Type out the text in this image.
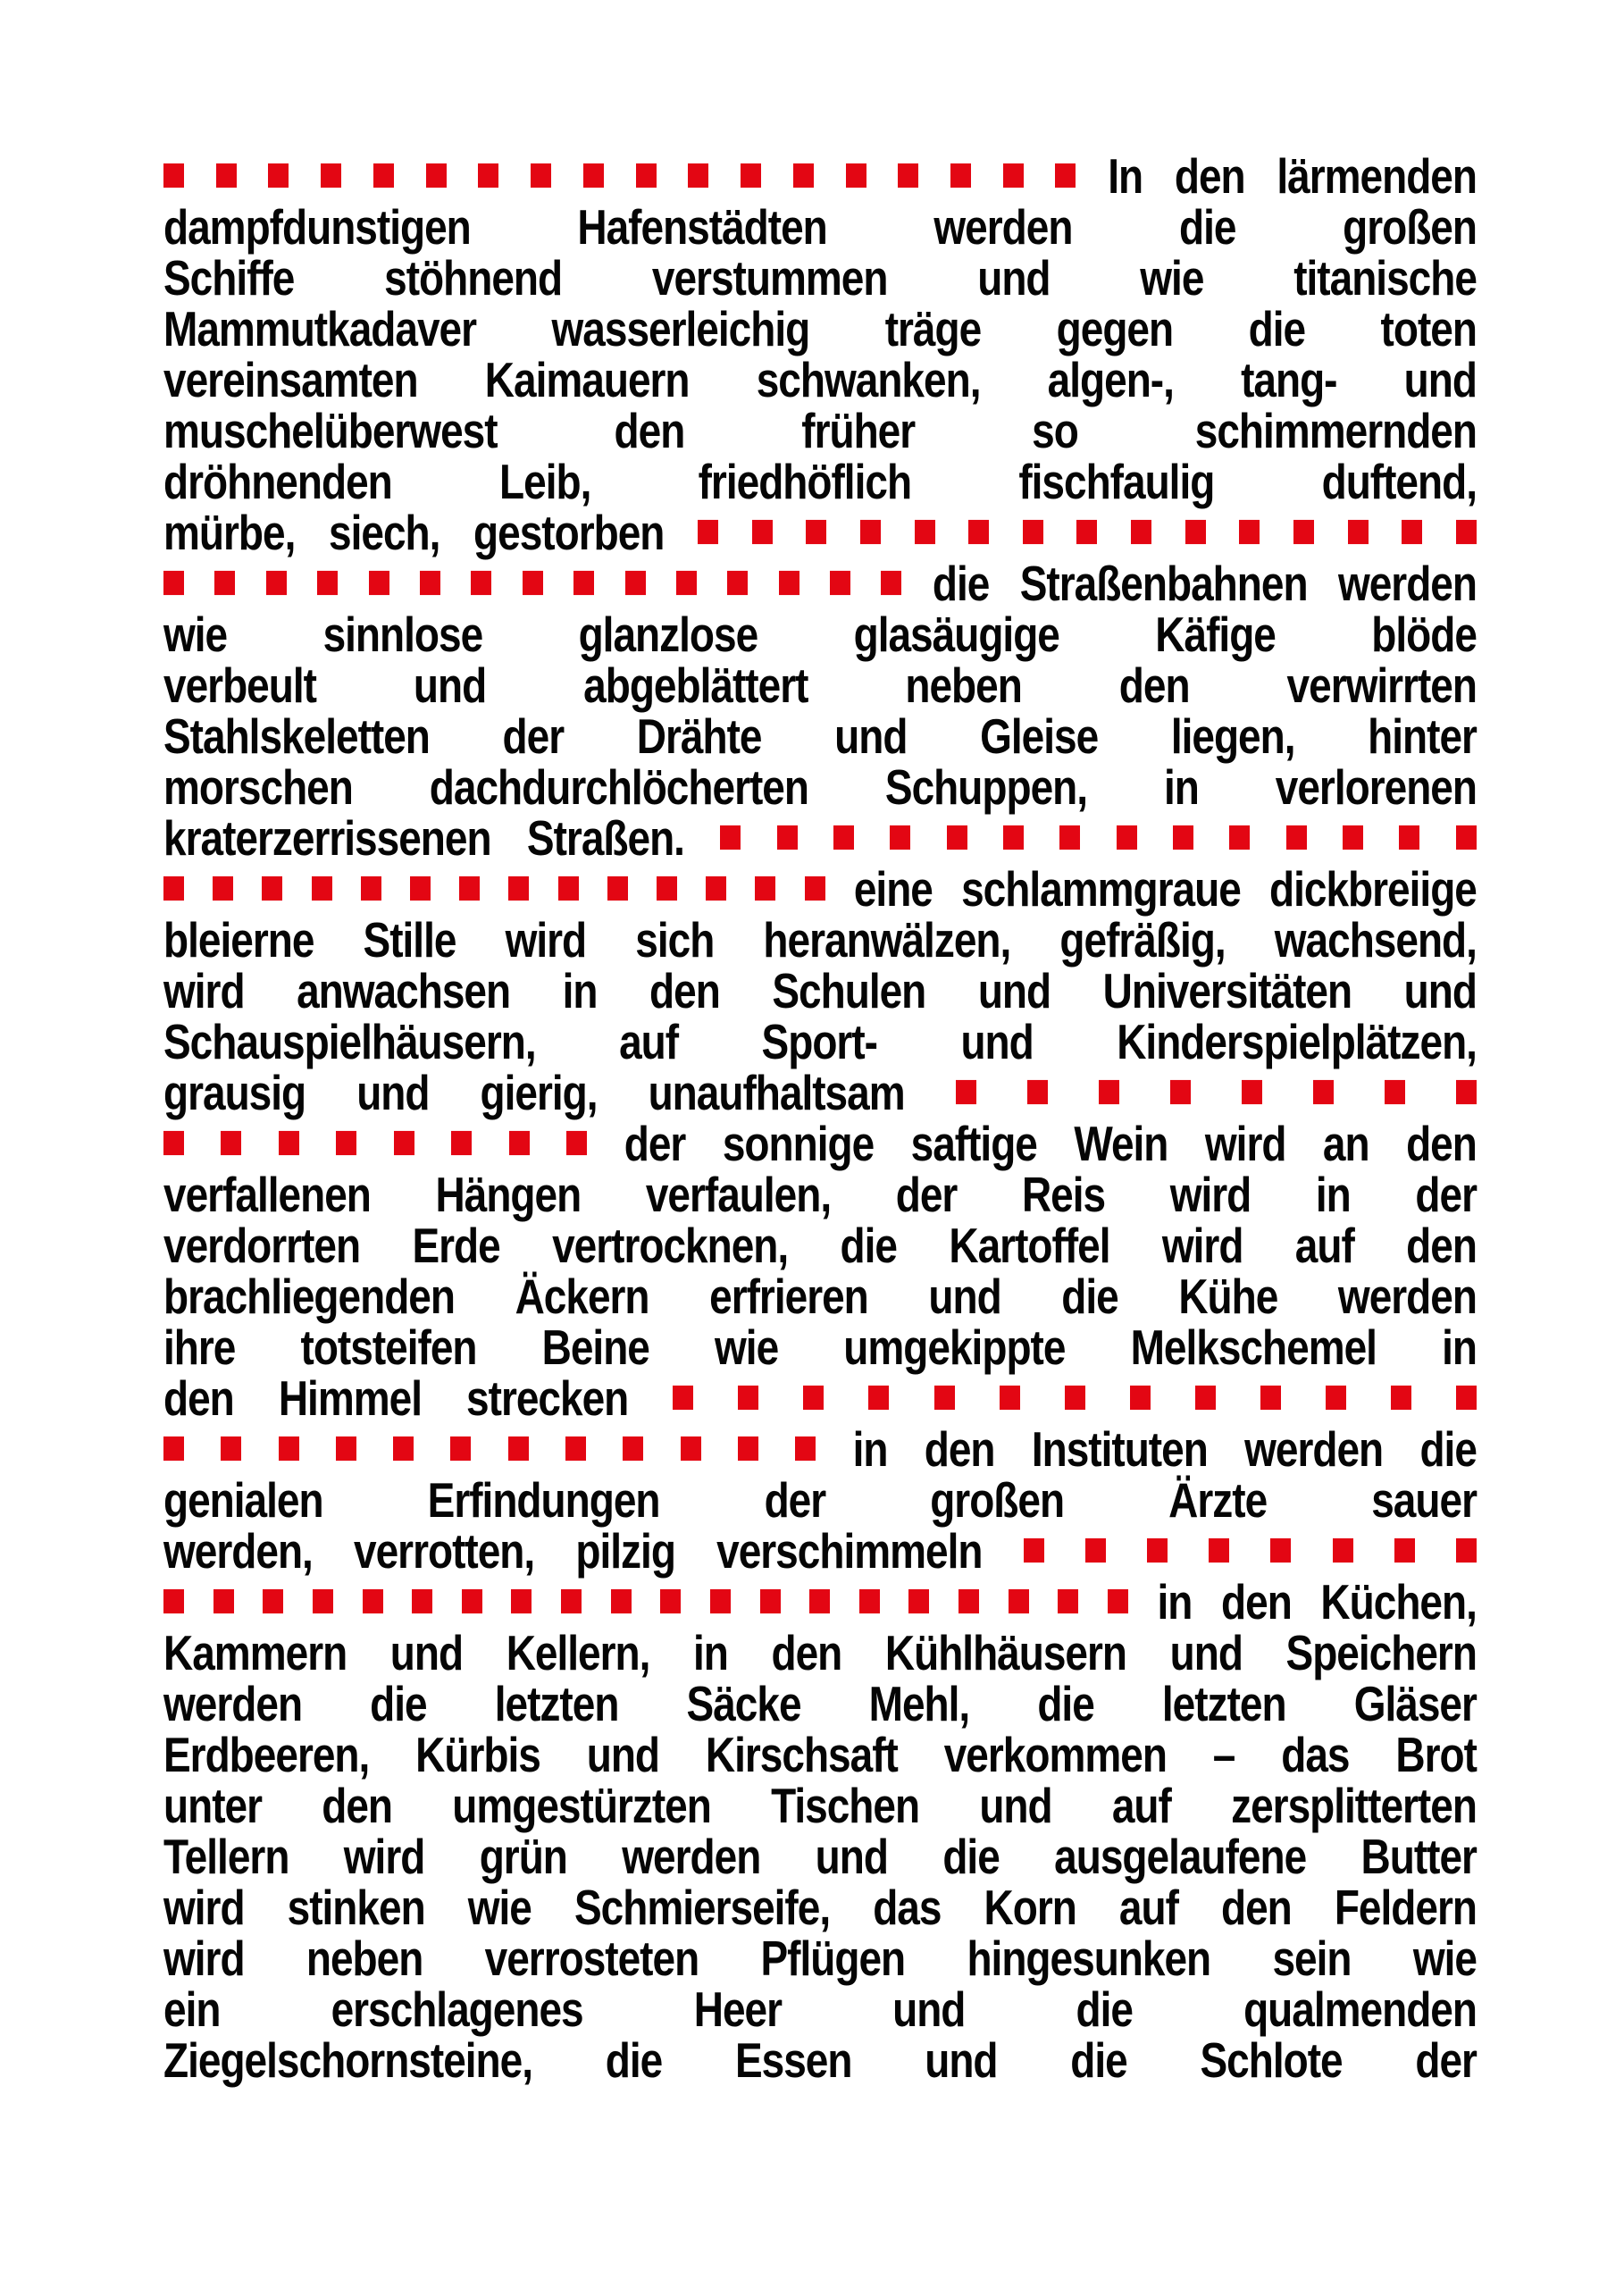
In den lärmenden
dampfdunstigen	Hafenstädten	werden	die	großen
Schiffe stöhnend verstummen und wie titanische
Mammutkadaver wasserleichig träge gegen die toten
vereinsamten Kaimauern schwanken, algen-, tang- und
muschelüberwest	den	früher	so	schimmernden
dröhnenden	Leib,	friedhöflich	fischfaulig	duftend,
mürbe, siech, gestorben
die Straßenbahnen werden
wie sinnlose glanzlose glasäugige Käfige blöde
verbeult und abgeblättert neben den verwirrten
Stahlskeletten der Drähte und Gleise liegen, hinter
morschen dachdurchlöcherten Schuppen, in verlorenen
kraterzerrissenen Straßen.
eine schlammgraue dickbreiige
bleierne Stille wird sich heranwälzen, gefräßig, wachsend,
wird anwachsen in den Schulen und Universitäten und
Schauspielhäusern, auf Sport- und Kinderspielplätzen,
grausig und gierig, unaufhaltsam
der sonnige saftige Wein wird an den
verfallenen Hängen verfaulen, der Reis wird in der
verdorrten Erde vertrocknen, die Kartoffel wird auf den
brachliegenden Äckern erfrieren und die Kühe werden
ihre totsteifen Beine wie umgekippte Melkschemel in
den Himmel strecken
in den Instituten werden die
genialen	Erfindungen	der	großen	Ärzte	sauer
werden, verrotten, pilzig verschimmeln
in den Küchen,
Kammern und Kellern, in den Kühlhäusern und Speichern
werden die letzten Säcke Mehl, die letzten Gläser
Erdbeeren, Kürbis und Kirschsaft verkommen – das Brot
unter den umgestürzten Tischen und auf zersplitterten
Tellern wird grün werden und die ausgelaufene Butter
wird stinken wie Schmierseife, das Korn auf den Feldern
wird neben verrosteten Pflügen hingesunken sein wie
ein	erschlagenes	Heer	und	die	qualmenden
Ziegelschornsteine, die Essen und die Schlote der
